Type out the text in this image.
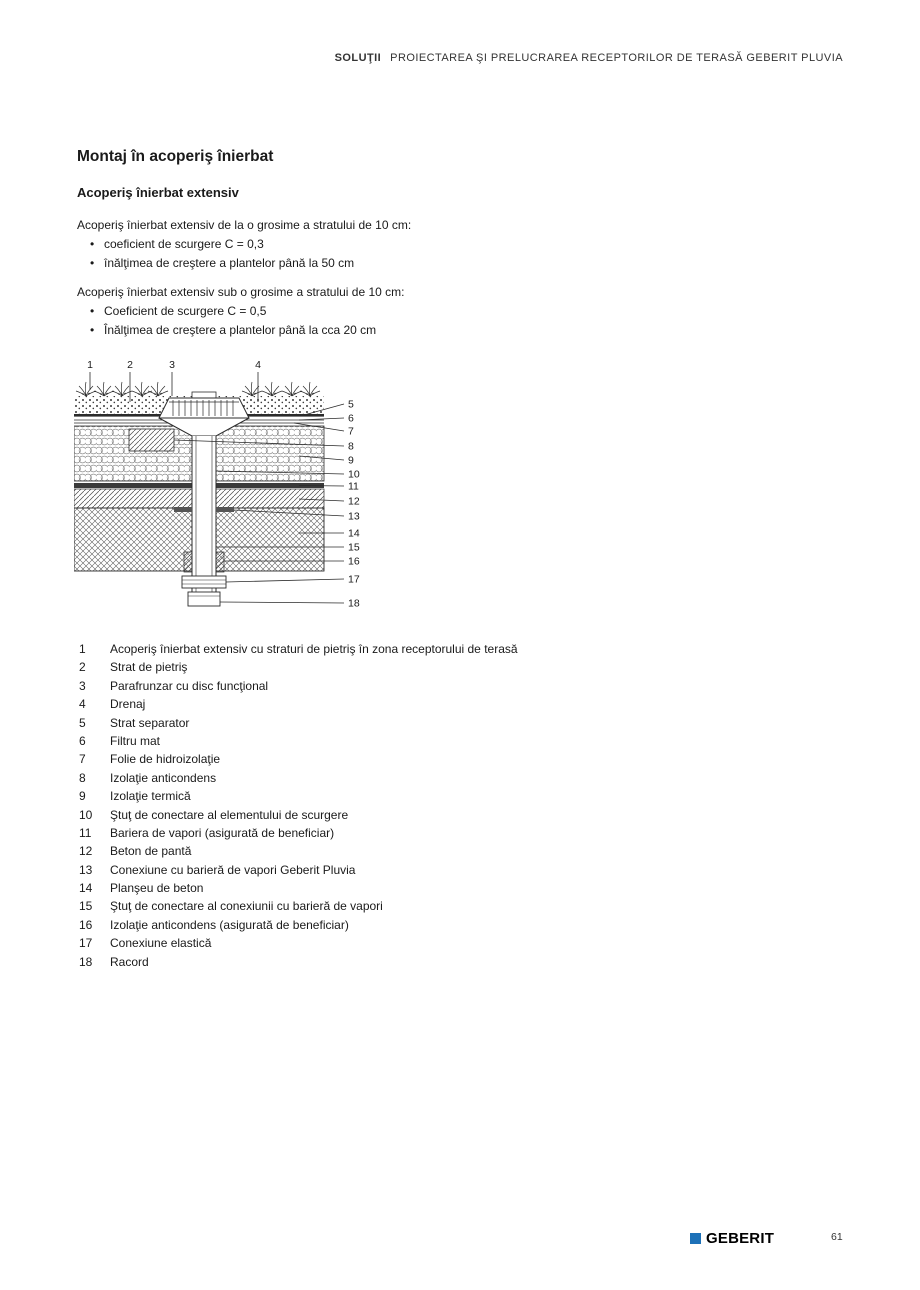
SOLUŢII PROIECTAREA ŞI PRELUCRAREA RECEPTORILOR DE TERASĂ GEBERIT PLUVIA
Montaj în acoperiş înierbat
Acoperiş înierbat extensiv
Acoperiş înierbat extensiv de la o grosime a stratului de 10 cm:
• coeficient de scurgere C = 0,3
• înălţimea de creştere a plantelor până la 50 cm
Acoperiş înierbat extensiv sub o grosime a stratului de 10 cm:
• Coeficient de scurgere C = 0,5
• Înălţimea de creştere a plantelor până la cca 20 cm
1	2	3	4
5
6
7
8
9
10
11
12
13
14
15
16
17
18
1	Acoperiş înierbat extensiv cu straturi de pietriş în zona receptorului de terasă
2	Strat de pietriş
3	Parafrunzar cu disc funcţional
4	Drenaj
5	Strat separator
6	Filtru mat
7	Folie de hidroizolaţie
8	Izolaţie anticondens
9	Izolaţie termică
10	Ştuţ de conectare al elementului de scurgere
11	Bariera de vapori (asigurată de beneficiar)
12	Beton de pantă
13	Conexiune cu barieră de vapori Geberit Pluvia
14	Planşeu de beton
15	Ştuţ de conectare al conexiunii cu barieră de vapori
16	Izolaţie anticondens (asigurată de beneficiar)
17	Conexiune elastică
18	Racord
GEBERIT	61
